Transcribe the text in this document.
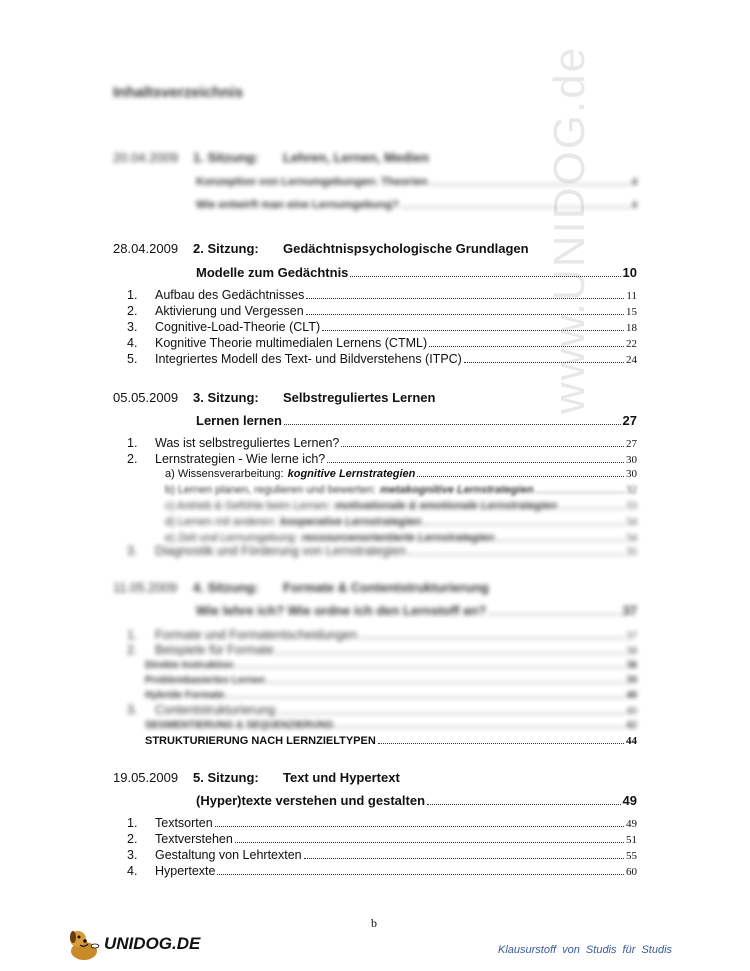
www.UNIDOG.de
Inhaltsverzeichnis
20.04.2009 1. Sitzung: Lehren, Lernen, Medien
Konzeption von Lernumgebungen: Theorien	4
Wie entwirft man eine Lernumgebung?	4
28.04.2009 2. Sitzung: Gedächtnispsychologische Grundlagen
Modelle zum Gedächtnis	10
1.	Aufbau des Gedächtnisses	11
2.	Aktivierung und Vergessen	15
3.	Cognitive-Load-Theorie (CLT)	18
4.	Kognitive Theorie multimedialen Lernens (CTML)	22
5.	Integriertes Modell des Text- und Bildverstehens (ITPC)	24
05.05.2009 3. Sitzung: Selbstreguliertes Lernen
Lernen lernen	27
1.	Was ist selbstreguliertes Lernen?	27
2.	Lernstrategien - Wie lerne ich?	30
a) Wissensverarbeitung: kognitive Lernstrategien	30
b) Lernen planen, regulieren und bewerten: metakognitive Lernstrategien	32
c) Antrieb & Gefühle beim Lernen: motivationale & emotionale Lernstrategien	33
d) Lernen mit anderen: kooperative Lernstrategien	34
e) Zeit und Lernumgebung: ressourcenorientierte Lernstrategien	34
3.	Diagnostik und Förderung von Lernstrategien	35
11.05.2009 4. Sitzung: Formate & Contentstrukturierung
Wie lehre ich? Wie ordne ich den Lernstoff an?	37
1.	Formate und Formatentscheidungen	37
2.	Beispiele für Formate	38
Direkte Instruktion	38
Problembasiertes Lernen	39
Hybride Formate	40
3.	Contentstrukturierung	40
SEGMENTIERUNG & SEQUENZIERUNG	42
STRUKTURIERUNG NACH LERNZIELTYPEN	44
19.05.2009 5. Sitzung: Text und Hypertext
(Hyper)texte verstehen und gestalten	49
1.	Textsorten	49
2.	Textverstehen	51
3.	Gestaltung von Lehrtexten	55
4.	Hypertexte	60
b
UNIDOG.DE	Klausurstoff von Studis für Studis
